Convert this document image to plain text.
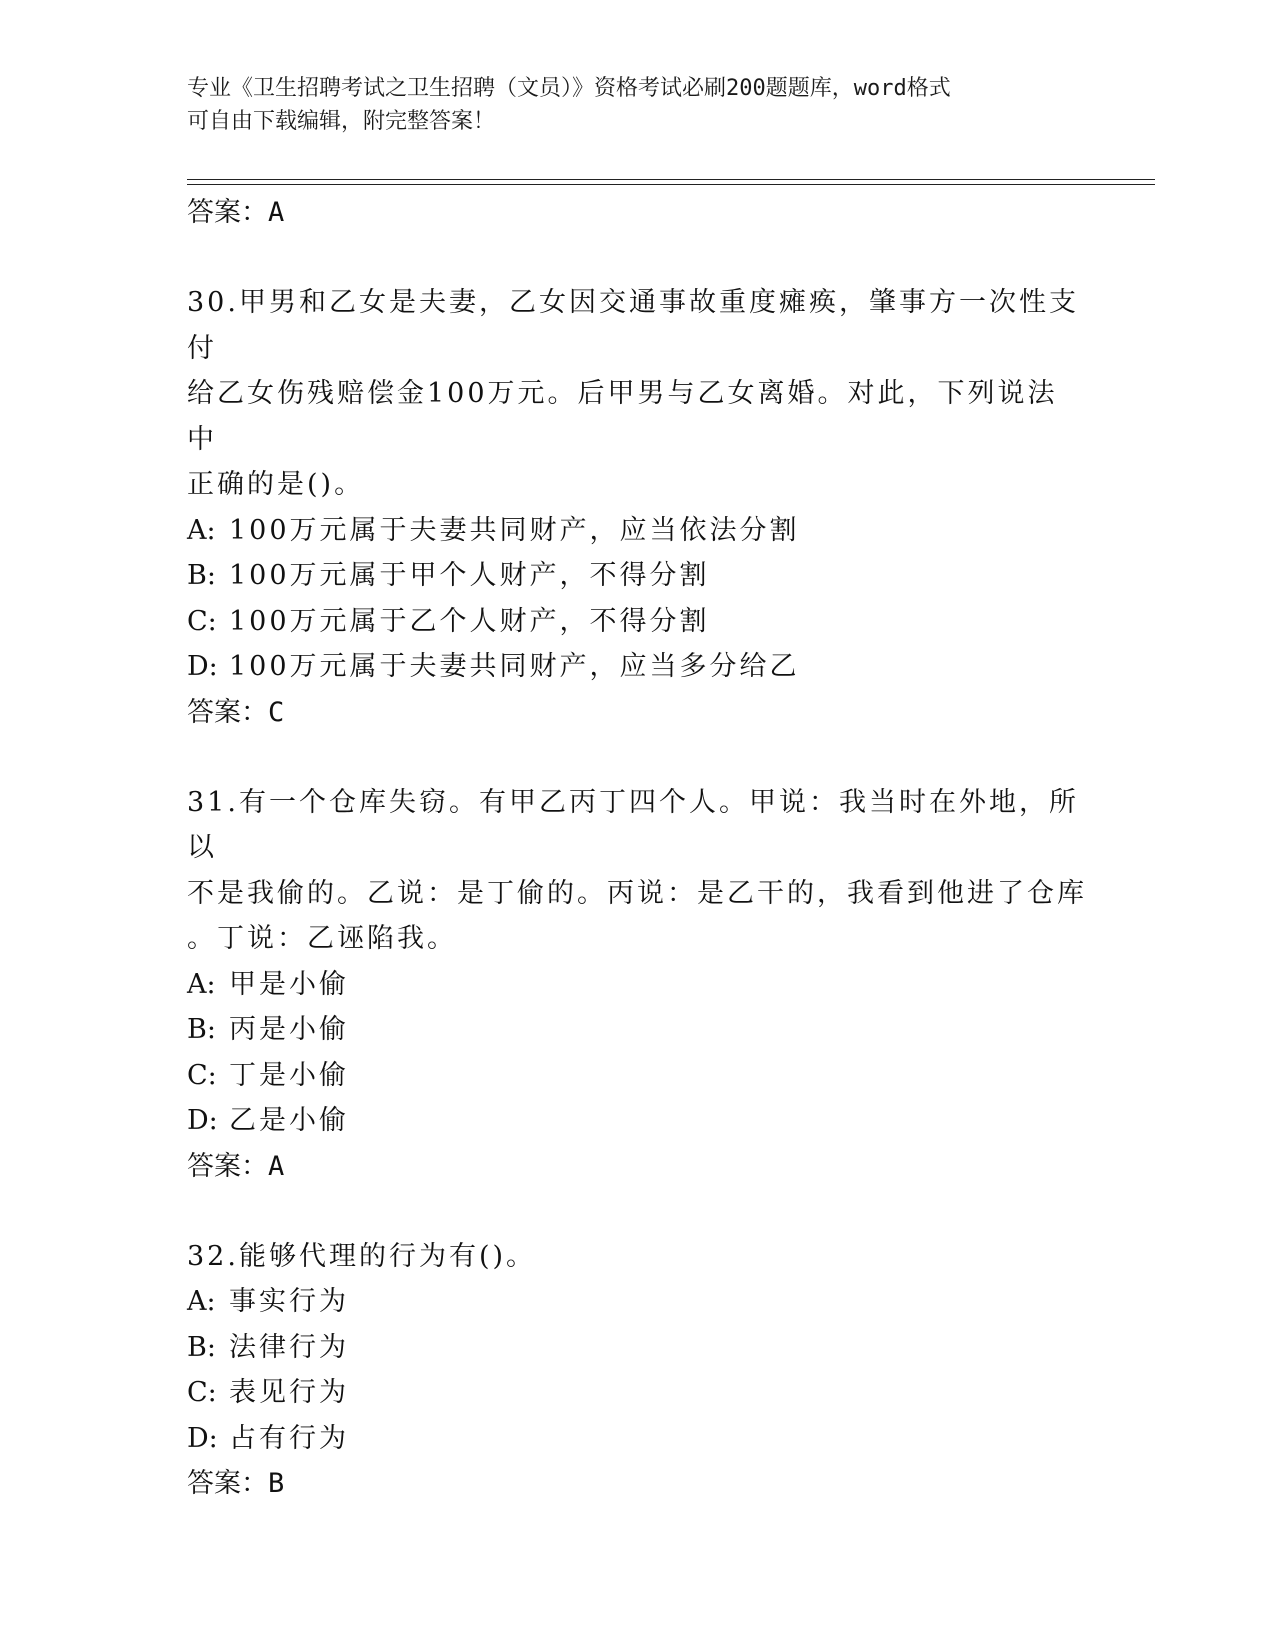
专业《卫生招聘考试之卫生招聘（文员）》资格考试必刷200题题库，word格式
可自由下载编辑，附完整答案！
答案：A
30.甲男和乙女是夫妻，乙女因交通事故重度瘫痪，肇事方一次性支付
给乙女伤残赔偿金100万元。后甲男与乙女离婚。对此，下列说法中
正确的是()。
A: 100万元属于夫妻共同财产，应当依法分割
B: 100万元属于甲个人财产，不得分割
C: 100万元属于乙个人财产，不得分割
D: 100万元属于夫妻共同财产，应当多分给乙
答案：C
31.有一个仓库失窃。有甲乙丙丁四个人。甲说：我当时在外地，所以
不是我偷的。乙说：是丁偷的。丙说：是乙干的，我看到他进了仓库
。丁说：乙诬陷我。
A: 甲是小偷
B: 丙是小偷
C: 丁是小偷
D: 乙是小偷
答案：A
32.能够代理的行为有()。
A: 事实行为
B: 法律行为
C: 表见行为
D: 占有行为
答案：B
